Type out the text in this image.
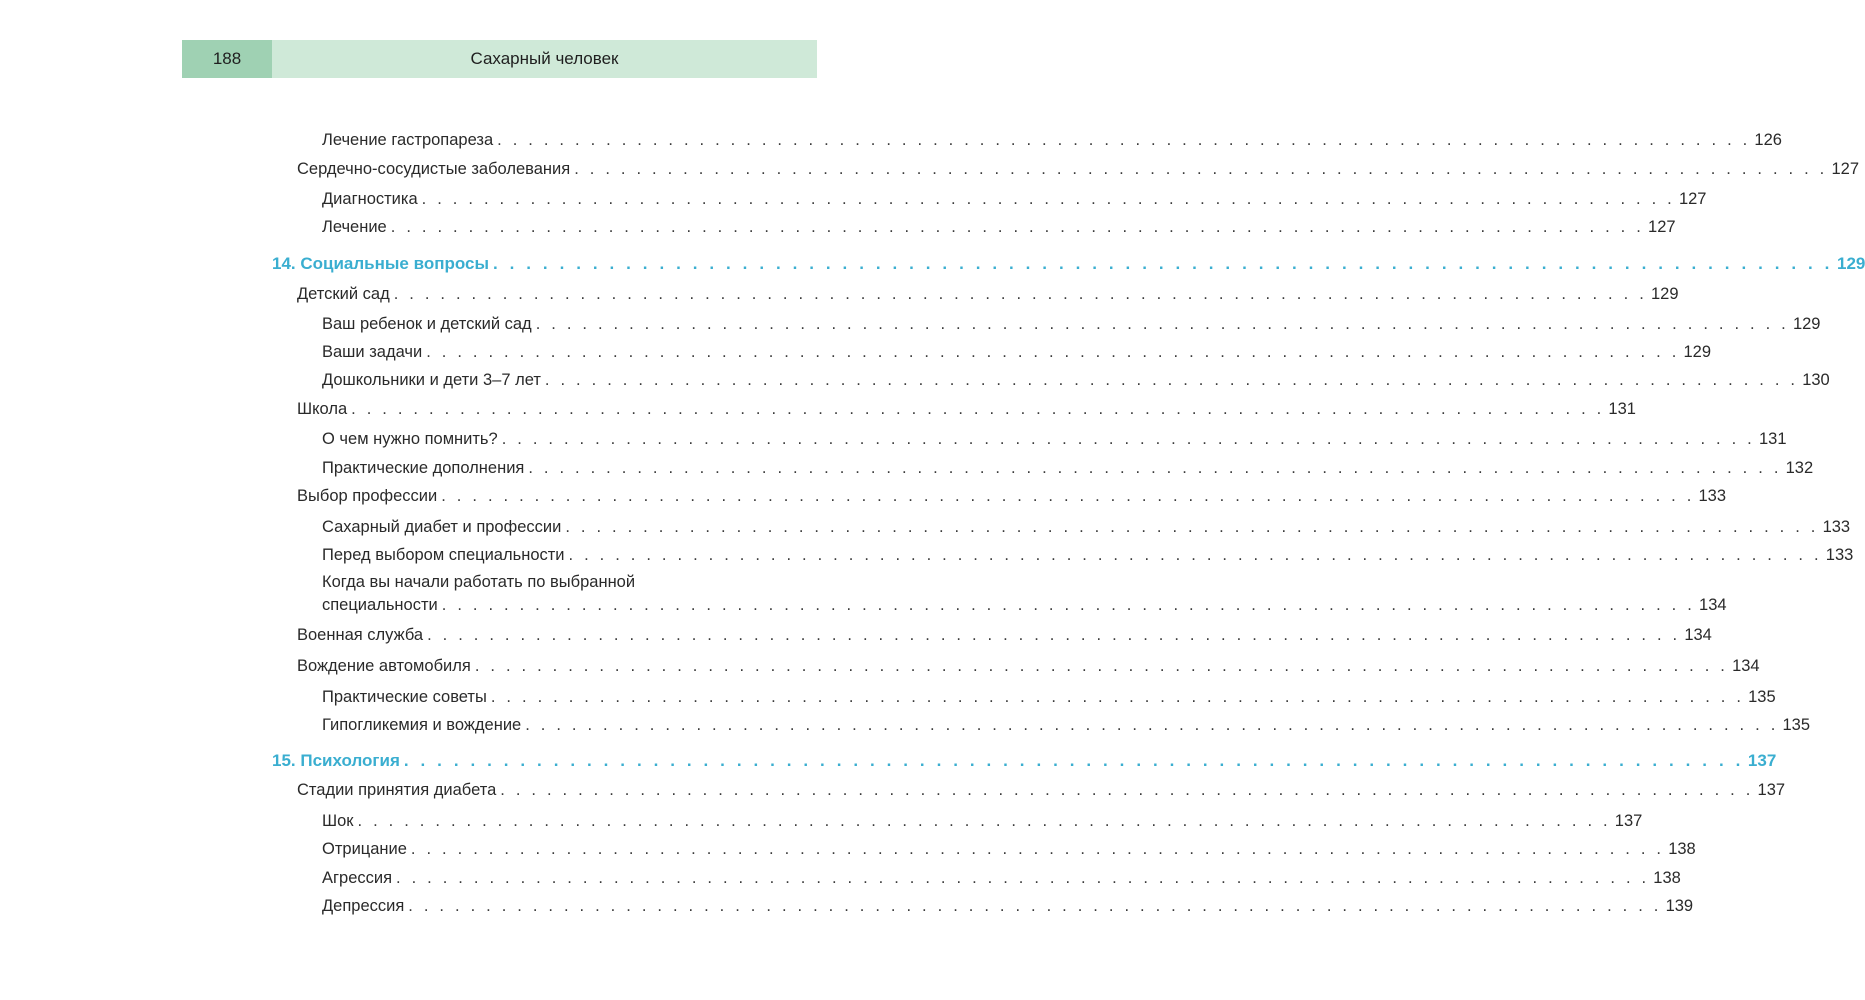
188	Сахарный человек
Лечение гастропареза . . . . . . . . . . . . . . . . . . . . . . . . . . . . . . . . . . . . . . . . . . . . . . . . . . . . . . . . . . . . . . . . . . . . . . . . . . . . . . . . . 126
Сердечно-сосудистые заболевания . . . . . . . . . . . . . . . . . . . . . . . . . . . . . . . . . . . . . . . . . . . . . . . . . . . . . . . . . . . . . . . . . . . . . . . . . . . . . . . . . 127
Диагностика . . . . . . . . . . . . . . . . . . . . . . . . . . . . . . . . . . . . . . . . . . . . . . . . . . . . . . . . . . . . . . . . . . . . . . . . . . . . . . . . . 127
Лечение . . . . . . . . . . . . . . . . . . . . . . . . . . . . . . . . . . . . . . . . . . . . . . . . . . . . . . . . . . . . . . . . . . . . . . . . . . . . . . . . . 127
14. Социальные вопросы . . . . . . . . . . . . . . . . . . . . . . . . . . . . . . . . . . . . . . . . . . . . . . . . . . . . . . . . . . . . . . . . . . . . . . . . . . . . . . . . . 129
Детский сад . . . . . . . . . . . . . . . . . . . . . . . . . . . . . . . . . . . . . . . . . . . . . . . . . . . . . . . . . . . . . . . . . . . . . . . . . . . . . . . . . 129
Ваш ребенок и детский сад . . . . . . . . . . . . . . . . . . . . . . . . . . . . . . . . . . . . . . . . . . . . . . . . . . . . . . . . . . . . . . . . . . . . . . . . . . . . . . . . . 129
Ваши задачи . . . . . . . . . . . . . . . . . . . . . . . . . . . . . . . . . . . . . . . . . . . . . . . . . . . . . . . . . . . . . . . . . . . . . . . . . . . . . . . . . 129
Дошкольники и дети 3–7 лет . . . . . . . . . . . . . . . . . . . . . . . . . . . . . . . . . . . . . . . . . . . . . . . . . . . . . . . . . . . . . . . . . . . . . . . . . . . . . . . . . 130
Школа . . . . . . . . . . . . . . . . . . . . . . . . . . . . . . . . . . . . . . . . . . . . . . . . . . . . . . . . . . . . . . . . . . . . . . . . . . . . . . . . . 131
О чем нужно помнить? . . . . . . . . . . . . . . . . . . . . . . . . . . . . . . . . . . . . . . . . . . . . . . . . . . . . . . . . . . . . . . . . . . . . . . . . . . . . . . . . . 131
Практические дополнения . . . . . . . . . . . . . . . . . . . . . . . . . . . . . . . . . . . . . . . . . . . . . . . . . . . . . . . . . . . . . . . . . . . . . . . . . . . . . . . . . 132
Выбор профессии . . . . . . . . . . . . . . . . . . . . . . . . . . . . . . . . . . . . . . . . . . . . . . . . . . . . . . . . . . . . . . . . . . . . . . . . . . . . . . . . . 133
Сахарный диабет и профессии . . . . . . . . . . . . . . . . . . . . . . . . . . . . . . . . . . . . . . . . . . . . . . . . . . . . . . . . . . . . . . . . . . . . . . . . . . . . . . . . . 133
Перед выбором специальности . . . . . . . . . . . . . . . . . . . . . . . . . . . . . . . . . . . . . . . . . . . . . . . . . . . . . . . . . . . . . . . . . . . . . . . . . . . . . . . . . 133
Когда вы начали работать по выбранной
специальности . . . . . . . . . . . . . . . . . . . . . . . . . . . . . . . . . . . . . . . . . . . . . . . . . . . . . . . . . . . . . . . . . . . . . . . . . . . . . . . . . 134
Военная служба . . . . . . . . . . . . . . . . . . . . . . . . . . . . . . . . . . . . . . . . . . . . . . . . . . . . . . . . . . . . . . . . . . . . . . . . . . . . . . . . . 134
Вождение автомобиля . . . . . . . . . . . . . . . . . . . . . . . . . . . . . . . . . . . . . . . . . . . . . . . . . . . . . . . . . . . . . . . . . . . . . . . . . . . . . . . . . 134
Практические советы . . . . . . . . . . . . . . . . . . . . . . . . . . . . . . . . . . . . . . . . . . . . . . . . . . . . . . . . . . . . . . . . . . . . . . . . . . . . . . . . . 135
Гипогликемия и вождение . . . . . . . . . . . . . . . . . . . . . . . . . . . . . . . . . . . . . . . . . . . . . . . . . . . . . . . . . . . . . . . . . . . . . . . . . . . . . . . . . 135
15. Психология . . . . . . . . . . . . . . . . . . . . . . . . . . . . . . . . . . . . . . . . . . . . . . . . . . . . . . . . . . . . . . . . . . . . . . . . . . . . . . . . . 137
Стадии принятия диабета . . . . . . . . . . . . . . . . . . . . . . . . . . . . . . . . . . . . . . . . . . . . . . . . . . . . . . . . . . . . . . . . . . . . . . . . . . . . . . . . . 137
Шок . . . . . . . . . . . . . . . . . . . . . . . . . . . . . . . . . . . . . . . . . . . . . . . . . . . . . . . . . . . . . . . . . . . . . . . . . . . . . . . . . 137
Отрицание . . . . . . . . . . . . . . . . . . . . . . . . . . . . . . . . . . . . . . . . . . . . . . . . . . . . . . . . . . . . . . . . . . . . . . . . . . . . . . . . . 138
Агрессия . . . . . . . . . . . . . . . . . . . . . . . . . . . . . . . . . . . . . . . . . . . . . . . . . . . . . . . . . . . . . . . . . . . . . . . . . . . . . . . . . 138
Депрессия . . . . . . . . . . . . . . . . . . . . . . . . . . . . . . . . . . . . . . . . . . . . . . . . . . . . . . . . . . . . . . . . . . . . . . . . . . . . . . . . . 139
